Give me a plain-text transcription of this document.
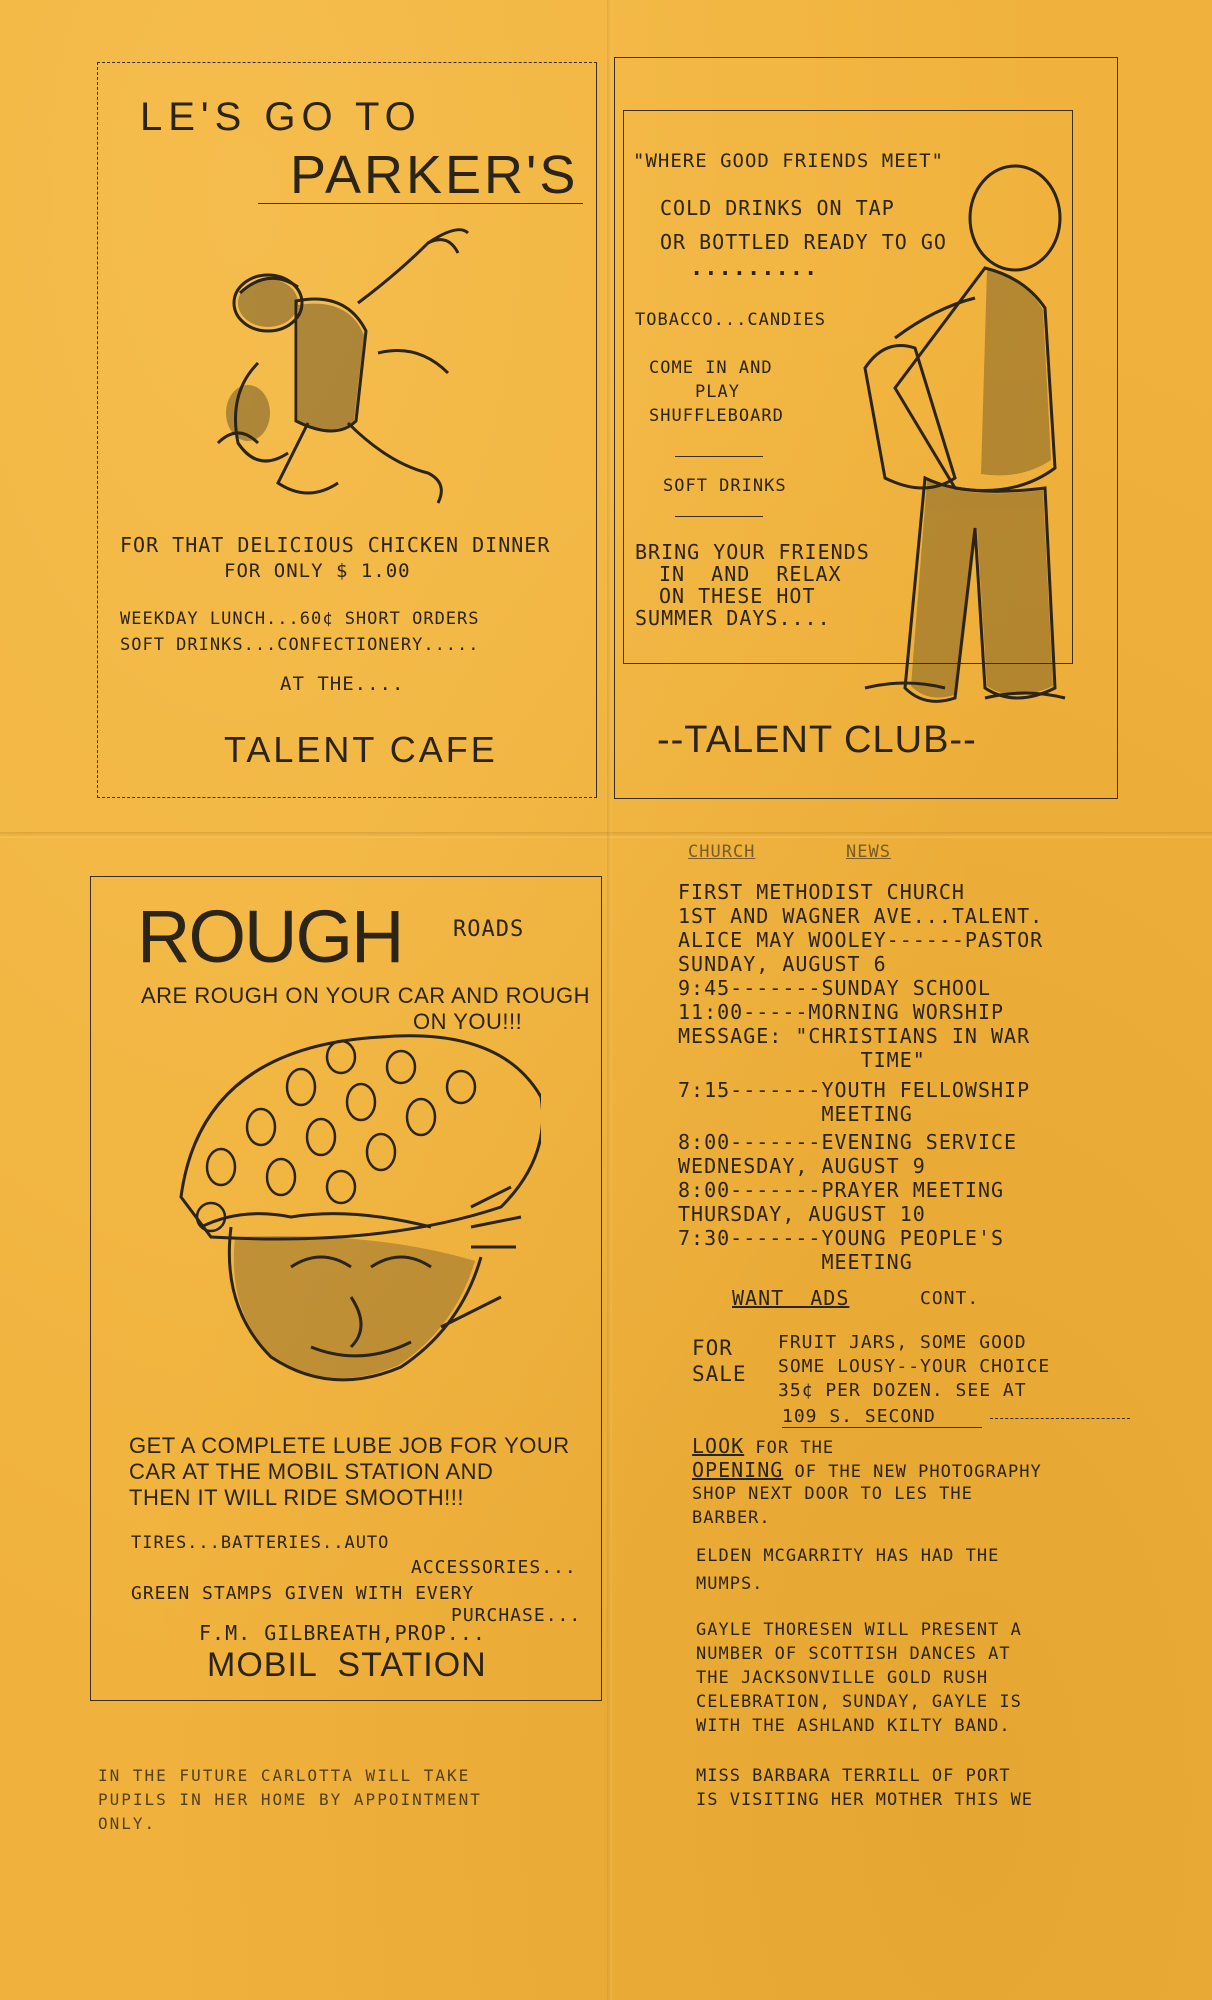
LE'S GO TO
PARKER'S
FOR THAT DELICIOUS CHICKEN DINNER
FOR ONLY $ 1.00
WEEKDAY LUNCH...60¢ SHORT ORDERS
SOFT DRINKS...CONFECTIONERY.....
AT THE....
TALENT CAFE
"WHERE GOOD FRIENDS MEET"
COLD DRINKS ON TAP
OR BOTTLED READY TO GO
.........
TOBACCO...CANDIES
COME IN AND
PLAY
SHUFFLEBOARD
SOFT DRINKS
BRING YOUR FRIENDS
IN  AND  RELAX
ON THESE HOT
SUMMER DAYS....
--TALENT CLUB--
ROUGH ROADS
ARE ROUGH ON YOUR CAR AND ROUGH
ON YOU!!!
GET A COMPLETE LUBE JOB FOR YOUR
CAR AT THE MOBIL STATION AND
THEN IT WILL RIDE SMOOTH!!!
TIRES...BATTERIES..AUTO
ACCESSORIES...
GREEN STAMPS GIVEN WITH EVERY
PURCHASE...
F.M. GILBREATH,PROP...
MOBIL  STATION
IN THE FUTURE CARLOTTA WILL TAKE
PUPILS IN HER HOME BY APPOINTMENT
ONLY.
CHURCH	NEWS
FIRST METHODIST CHURCH
1ST AND WAGNER AVE...TALENT.
ALICE MAY WOOLEY------PASTOR
SUNDAY, AUGUST 6
9:45-------SUNDAY SCHOOL
11:00-----MORNING WORSHIP
MESSAGE: "CHRISTIANS IN WAR
TIME"
7:15-------YOUTH FELLOWSHIP
MEETING
8:00-------EVENING SERVICE
WEDNESDAY, AUGUST 9
8:00-------PRAYER MEETING
THURSDAY, AUGUST 10
7:30-------YOUNG PEOPLE'S
MEETING
WANT  ADS	CONT.
FOR
SALE
FRUIT JARS, SOME GOOD
SOME LOUSY--YOUR CHOICE
35¢ PER DOZEN. SEE AT
109 S. SECOND
LOOK FOR THE
OPENING OF THE NEW PHOTOGRAPHY
SHOP NEXT DOOR TO LES THE
BARBER.
ELDEN MCGARRITY HAS HAD THE
MUMPS.
GAYLE THORESEN WILL PRESENT A
NUMBER OF SCOTTISH DANCES AT
THE JACKSONVILLE GOLD RUSH
CELEBRATION, SUNDAY, GAYLE IS
WITH THE ASHLAND KILTY BAND.
MISS BARBARA TERRILL OF PORT
IS VISITING HER MOTHER THIS WE
